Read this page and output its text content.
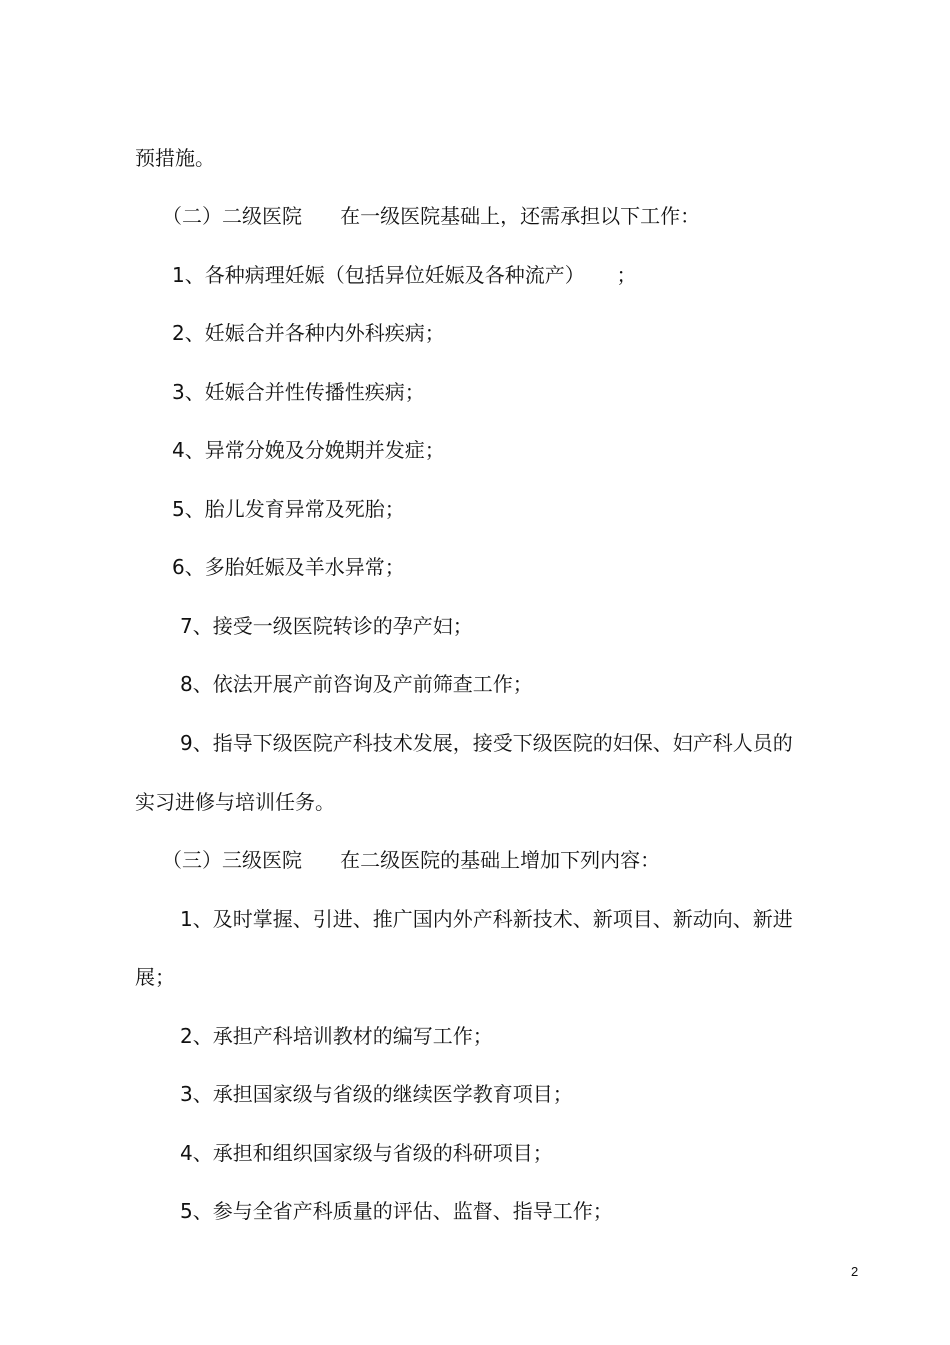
预措施。
（二）二级医院      在一级医院基础上，还需承担以下工作：
1、各种病理妊娠（包括异位妊娠及各种流产）     ；
2、妊娠合并各种内外科疾病；
3、妊娠合并性传播性疾病；
4、异常分娩及分娩期并发症；
5、胎儿发育异常及死胎；
6、多胎妊娠及羊水异常；
7、接受一级医院转诊的孕产妇；
8、依法开展产前咨询及产前筛查工作；
9、指导下级医院产科技术发展，接受下级医院的妇保、妇产科人员的
实习进修与培训任务。
（三）三级医院      在二级医院的基础上增加下列内容：
1、及时掌握、引进、推广国内外产科新技术、新项目、新动向、新进
展；
2、承担产科培训教材的编写工作；
3、承担国家级与省级的继续医学教育项目；
4、承担和组织国家级与省级的科研项目；
5、参与全省产科质量的评估、监督、指导工作；
2
